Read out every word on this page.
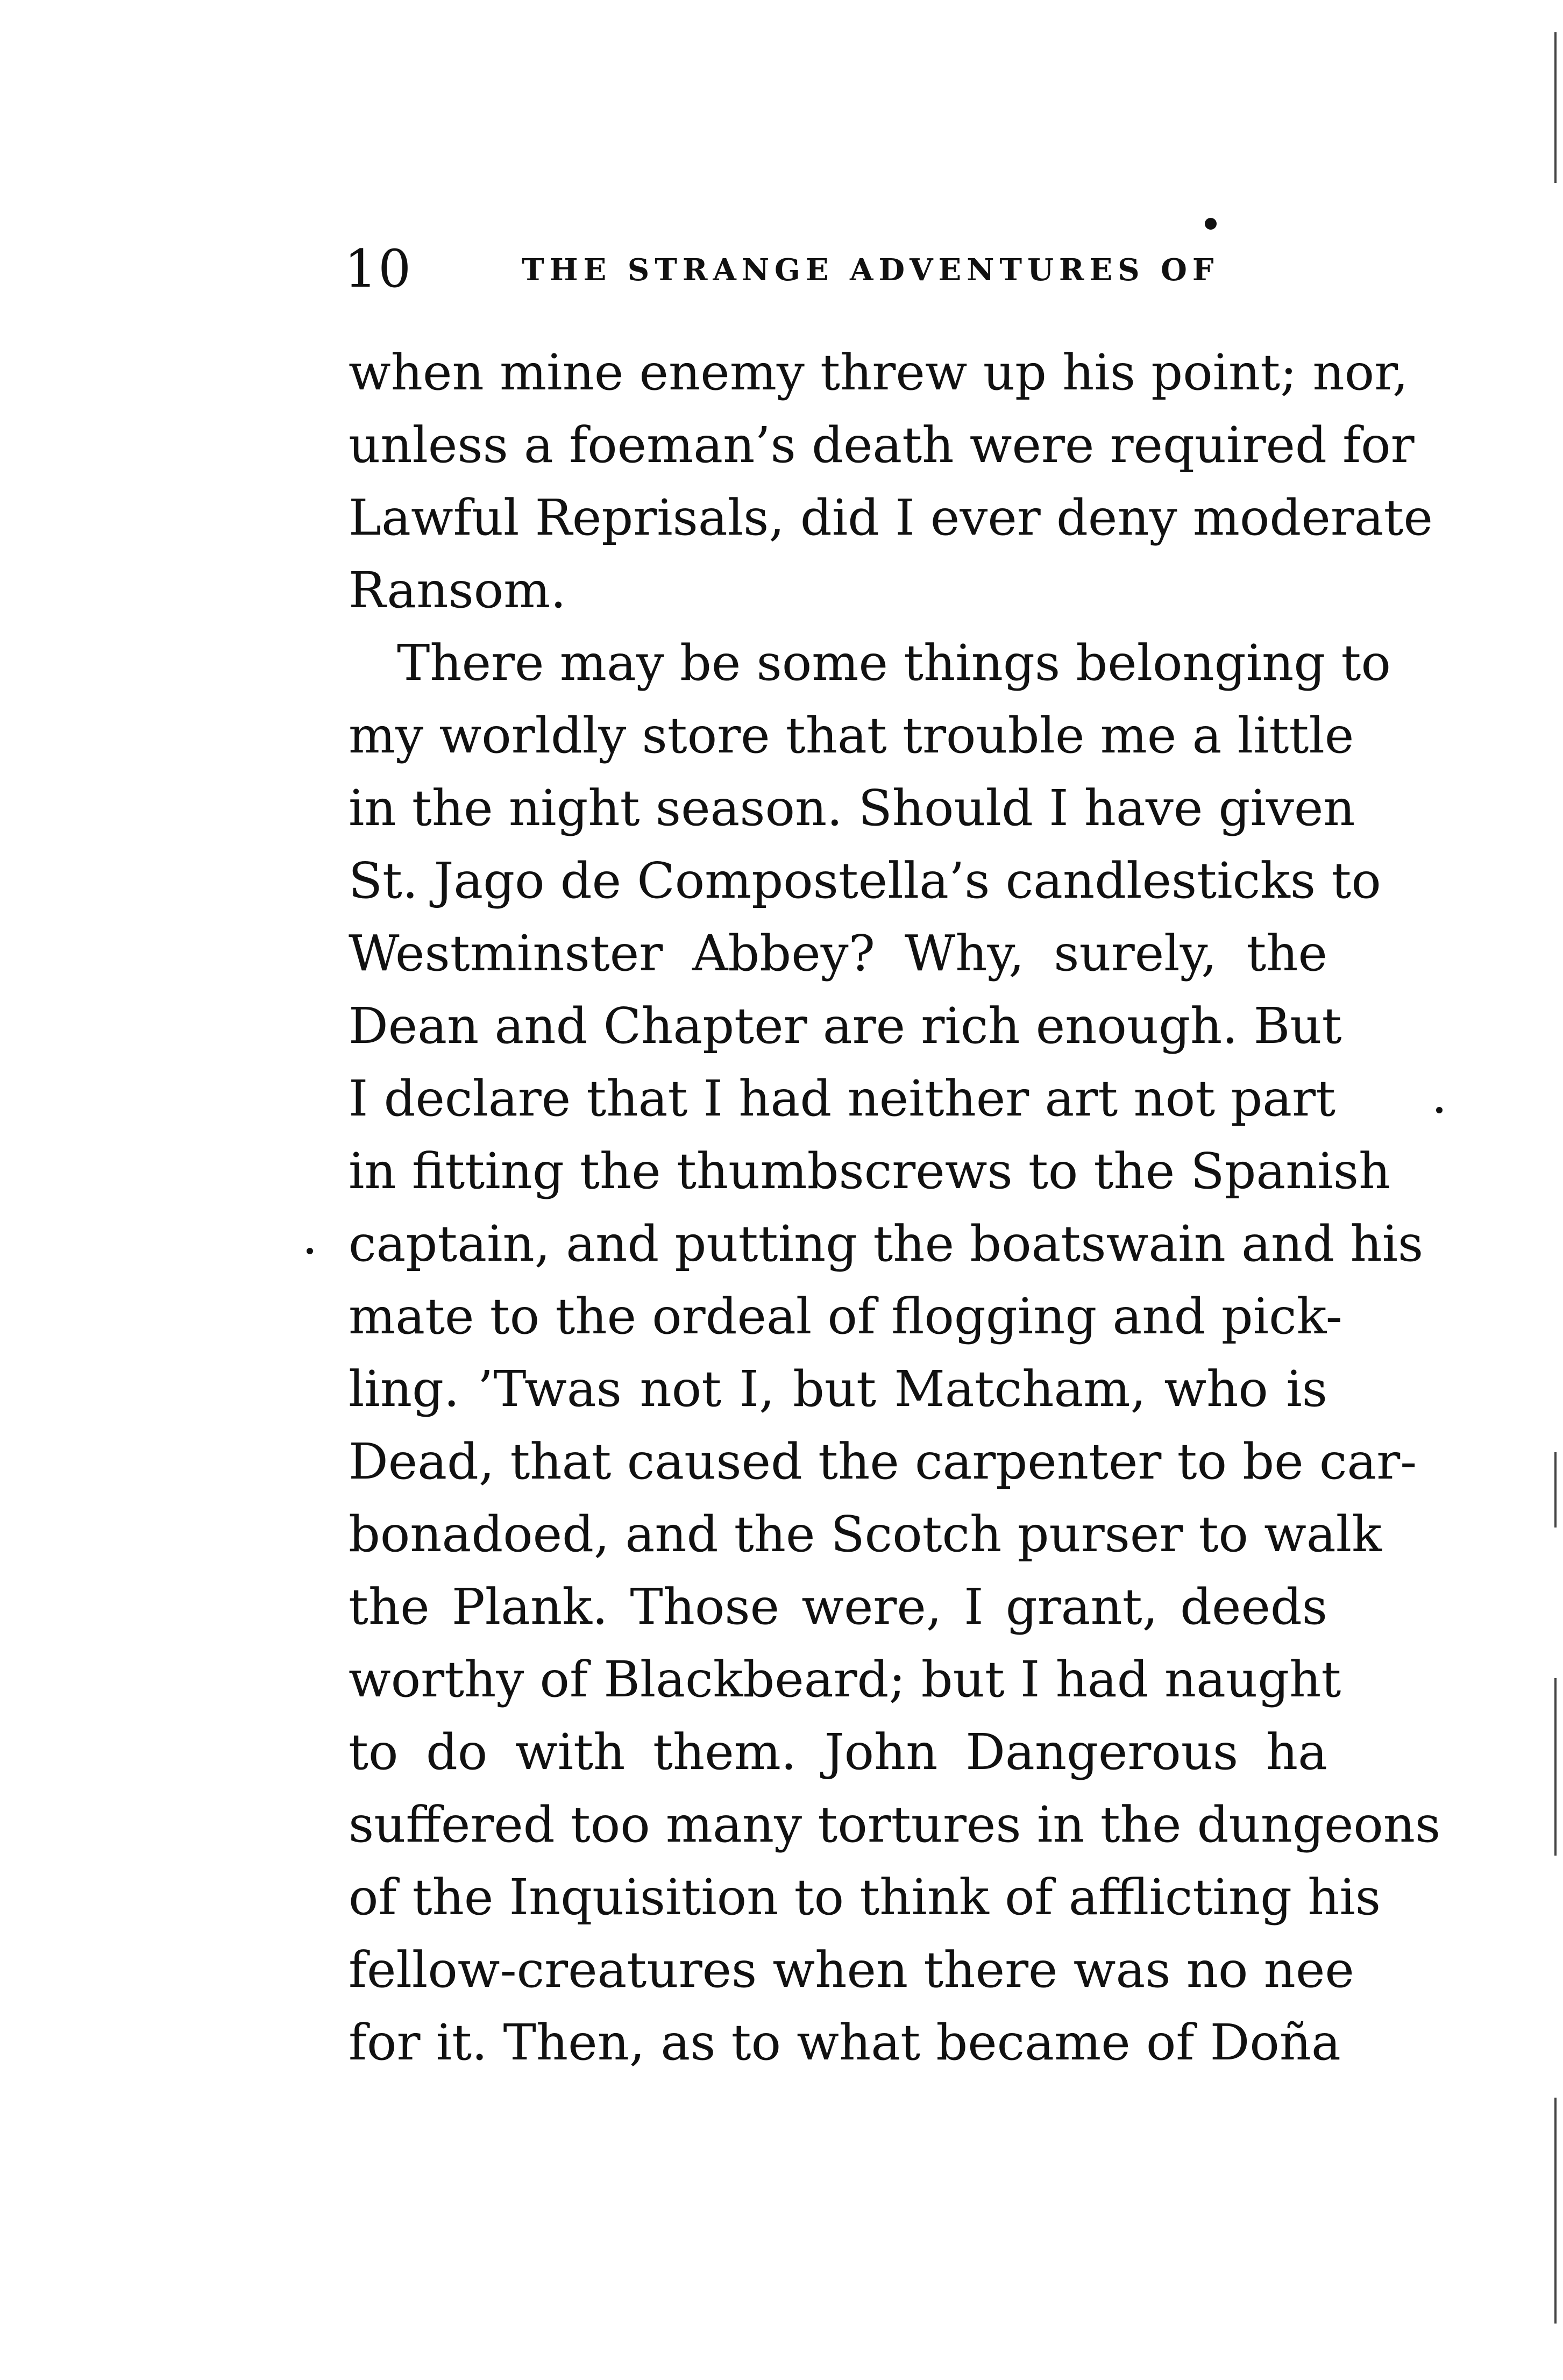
10	THE STRANGE ADVENTURES OF
when mine enemy threw up his point; nor,
unless a foeman’s death were required for
Lawful Reprisals, did I ever deny moderate
Ransom.
There may be some things belonging to
my worldly store that trouble me a little
in the night season. Should I have given
St. Jago de Compostella’s candlesticks to
Westminster Abbey? Why, surely, the
Dean and Chapter are rich enough. But
I declare that I had neither art not part
in fitting the thumbscrews to the Spanish
captain, and putting the boatswain and his
mate to the ordeal of flogging and pick-
ling. ’Twas not I, but Matcham, who is
Dead, that caused the carpenter to be car-
bonadoed, and the Scotch purser to walk
the Plank. Those were, I grant, deeds
worthy of Blackbeard; but I had naught
to do with them. John Dangerous ha
suffered too many tortures in the dungeons
of the Inquisition to think of afflicting his
fellow-creatures when there was no nee
for it. Then, as to what became of Doña
